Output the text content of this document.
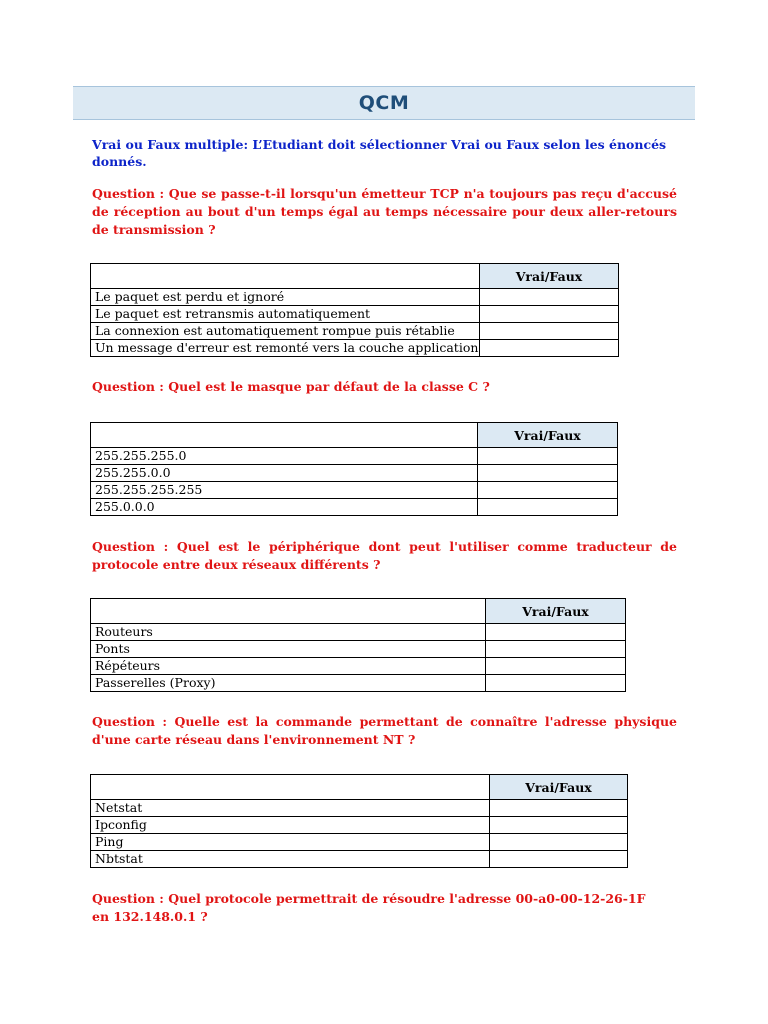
QCM
Vrai ou Faux multiple: L’Etudiant doit sélectionner Vrai ou Faux selon les énoncés donnés.
Question : Que se passe-t-il lorsqu'un émetteur TCP n'a toujours pas reçu d'accusé de réception au bout d'un temps égal au temps nécessaire pour deux aller-retours de transmission ?
	Vrai/Faux
Le paquet est perdu et ignoré	
Le paquet est retransmis automatiquement	
La connexion est automatiquement rompue puis rétablie	
Un message d'erreur est remonté vers la couche application	
Question : Quel est le masque par défaut de la classe C ?
	Vrai/Faux
255.255.255.0	
255.255.0.0	
255.255.255.255	
255.0.0.0	
Question : Quel est le périphérique dont peut l'utiliser comme traducteur de protocole entre deux réseaux différents ?
	Vrai/Faux
Routeurs	
Ponts	
Répéteurs	
Passerelles (Proxy)	
Question : Quelle est la commande permettant de connaître l'adresse physique d'une carte réseau dans l'environnement NT ?
	Vrai/Faux
Netstat	
Ipconfig	
Ping	
Nbtstat	
Question : Quel protocole permettrait de résoudre l'adresse 00-a0-00-12-26-1F en 132.148.0.1 ?
